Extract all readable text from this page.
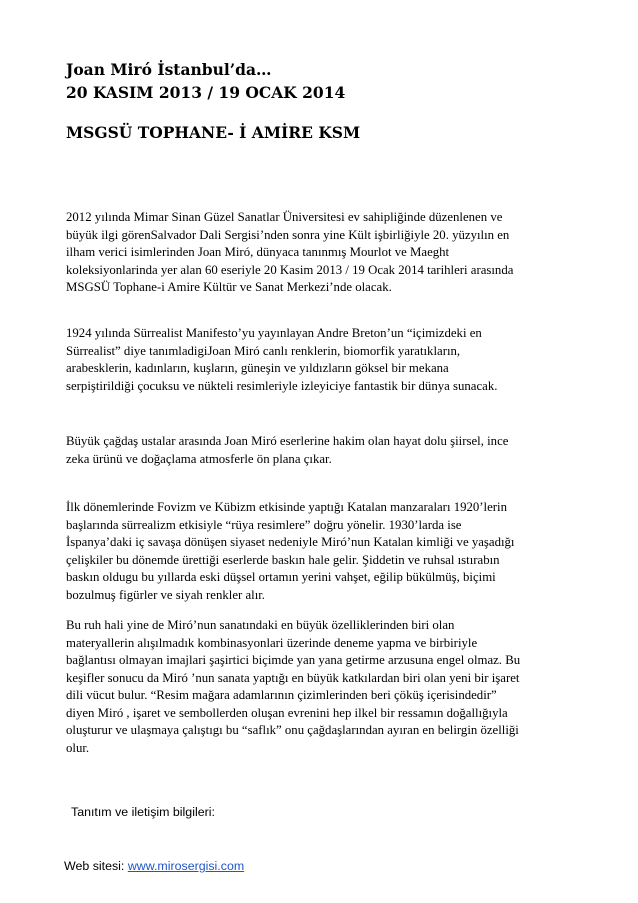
Joan Miró İstanbul’da…
20 KASIM 2013 / 19 OCAK 2014
MSGSÜ TOPHANE- İ AMİRE KSM
2012 yılında Mimar Sinan Güzel Sanatlar Üniversitesi ev sahipliğinde düzenlenen ve
büyük ilgi görenSalvador Dali Sergisi’nden sonra yine Kült işbirliğiyle 20. yüzyılın en
ilham verici isimlerinden Joan Miró, dünyaca tanınmış Mourlot ve Maeght
koleksiyonlarinda yer alan 60 eseriyle 20 Kasim 2013 / 19 Ocak 2014 tarihleri arasında
MSGSÜ Tophane-i Amire Kültür ve Sanat Merkezi’nde olacak.
1924 yılında Sürrealist Manifesto’yu yayınlayan Andre Breton’un “içimizdeki en
Sürrealist” diye tanımladigiJoan Miró canlı renklerin, biomorfik yaratıkların,
arabesklerin, kadınların, kuşların, güneşin ve yıldızların göksel bir mekana
serpiştirildiği çocuksu ve nükteli resimleriyle izleyiciye fantastik bir dünya sunacak.
Büyük çağdaş ustalar arasında Joan Miró eserlerine hakim olan hayat dolu şiirsel, ince
zeka ürünü ve doğaçlama atmosferle ön plana çıkar.
İlk dönemlerinde Fovizm ve Kübizm etkisinde yaptığı Katalan manzaraları 1920’lerin
başlarında sürrealizm etkisiyle “rüya resimlere” doğru yönelir. 1930’larda ise
İspanya’daki iç savaşa dönüşen siyaset nedeniyle Miró’nun Katalan kimliği ve yaşadığı
çelişkiler bu dönemde ürettiği eserlerde baskın hale gelir. Şiddetin ve ruhsal ıstırabın
baskın oldugu bu yıllarda eski düşsel ortamın yerini vahşet, eğilip bükülmüş, biçimi
bozulmuş figürler ve siyah renkler alır.
Bu ruh hali yine de Miró’nun sanatındaki en büyük özelliklerinden biri olan
materyallerin alışılmadık kombinasyonlari üzerinde deneme yapma ve birbiriyle
bağlantısı olmayan imajlari şaşirtici biçimde yan yana getirme arzusuna engel olmaz. Bu
keşifler sonucu da Miró ’nun sanata yaptığı en büyük katkılardan biri olan yeni bir işaret
dili vücut bulur. “Resim mağara adamlarının çizimlerinden beri çöküş içerisindedir”
diyen Miró , işaret ve sembollerden oluşan evrenini hep ilkel bir ressamın doğallığıyla
oluşturur ve ulaşmaya çalıştıgı bu “saflık” onu çağdaşlarından ayıran en belirgin özelliği
olur.

Tanıtım ve iletişim bilgileri:

Web sitesi: www.mirosergisi.com
